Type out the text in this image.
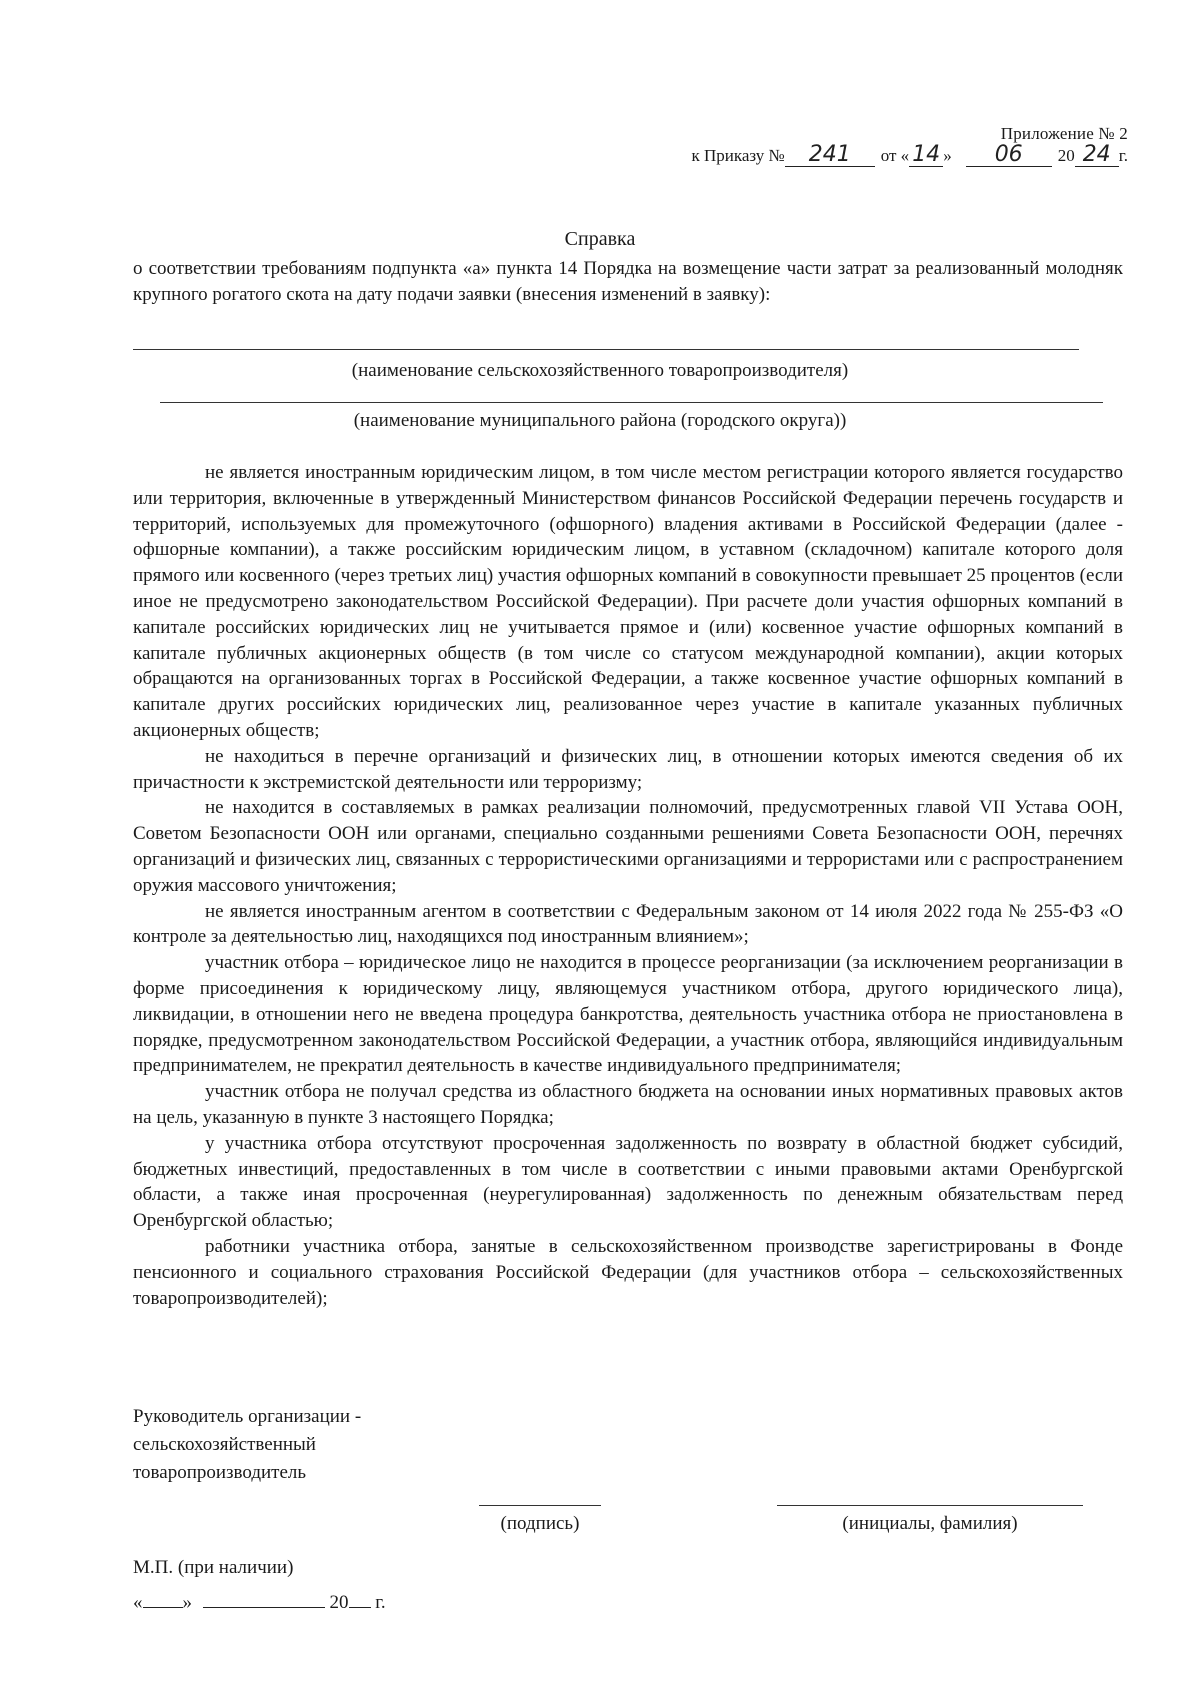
Приложение № 2
к Приказу №	241	от « 14 »	06	20 24 г.
Справка
о соответствии требованиям подпункта «а» пункта 14 Порядка на возмещение части затрат за реализованный молодняк крупного рогатого скота на дату подачи заявки (внесения изменений в заявку):
(наименование сельскохозяйственного товаропроизводителя)
(наименование муниципального района (городского округа))

не является иностранным юридическим лицом, в том числе местом регистрации которого является государство или территория, включенные в утвержденный Министерством финансов Российской Федерации перечень государств и территорий, используемых для промежуточного (офшорного) владения активами в Российской Федерации (далее - офшорные компании), а также российским юридическим лицом, в уставном (складочном) капитале которого доля прямого или косвенного (через третьих лиц) участия офшорных компаний в совокупности превышает 25 процентов (если иное не предусмотрено законодательством Российской Федерации). При расчете доли участия офшорных компаний в капитале российских юридических лиц не учитывается прямое и (или) косвенное участие офшорных компаний в капитале публичных акционерных обществ (в том числе со статусом международной компании), акции которых обращаются на организованных торгах в Российской Федерации, а также косвенное участие офшорных компаний в капитале других российских юридических лиц, реализованное через участие в капитале указанных публичных акционерных обществ;

не находиться в перечне организаций и физических лиц, в отношении которых имеются сведения об их причастности к экстремистской деятельности или терроризму;

не находится в составляемых в рамках реализации полномочий, предусмотренных главой VII Устава ООН, Советом Безопасности ООН или органами, специально созданными решениями Совета Безопасности ООН, перечнях организаций и физических лиц, связанных с террористическими организациями и террористами или с распространением оружия массового уничтожения;

не является иностранным агентом в соответствии с Федеральным законом от 14 июля 2022 года № 255-ФЗ «О контроле за деятельностью лиц, находящихся под иностранным влиянием»;

участник отбора – юридическое лицо не находится в процессе реорганизации (за исключением реорганизации в форме присоединения к юридическому лицу, являющемуся участником отбора, другого юридического лица), ликвидации, в отношении него не введена процедура банкротства, деятельность участника отбора не приостановлена в порядке, предусмотренном законодательством Российской Федерации, а участник отбора, являющийся индивидуальным предпринимателем, не прекратил деятельность в качестве индивидуального предпринимателя;

участник отбора не получал средства из областного бюджета на основании иных нормативных правовых актов на цель, указанную в пункте 3 настоящего Порядка;

у участника отбора отсутствуют просроченная задолженность по возврату в областной бюджет субсидий, бюджетных инвестиций, предоставленных в том числе в соответствии с иными правовыми актами Оренбургской области, а также иная просроченная (неурегулированная) задолженность по денежным обязательствам перед Оренбургской областью;

работники участника отбора, занятые в сельскохозяйственном производстве зарегистрированы в Фонде пенсионного и социального страхования Российской Федерации (для участников отбора – сельскохозяйственных товаропроизводителей);

Руководитель организации -
сельскохозяйственный
товаропроизводитель
(подпись)	(инициалы, фамилия)
М.П. (при наличии)
« »	20 г.
